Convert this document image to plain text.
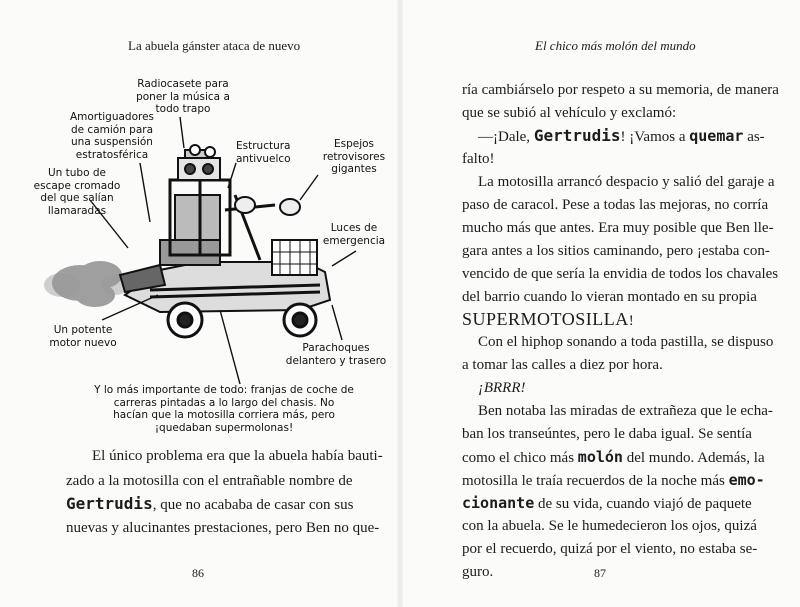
La abuela gánster ataca de nuevo	El chico más molón del mundo
86	87
Radiocasete para
poner la música a
todo trapo
Amortiguadores
de camión para
una suspensión
estratosférica
Estructura
antivuelco
Espejos
retrovisores
gigantes
Un tubo de
escape cromado
del que salían
llamaradas
Luces de
emergencia
Un potente
motor nuevo	Parachoques
delantero y trasero
Y lo más importante de todo: franjas de coche de
carreras pintadas a lo largo del chasis. No
hacían que la motosilla corriera más, pero
¡quedaban supermolonas!
El único problema era que la abuela había bauti-
zado a la motosilla con el entrañable nombre de
Gertrudis, que no acababa de casar con sus
nuevas y alucinantes prestaciones, pero Ben no que-
ría cambiárselo por respeto a su memoria, de manera
que se subió al vehículo y exclamó:
—¡Dale, Gertrudis! ¡Vamos a quemar as-
falto!
La motosilla arrancó despacio y salió del garaje a
paso de caracol. Pese a todas las mejoras, no corría
mucho más que antes. Era muy posible que Ben lle-
gara antes a los sitios caminando, pero ¡estaba con-
vencido de que sería la envidia de todos los chavales
del barrio cuando lo vieran montado en su propia
SUPERMOTOSILLA!
Con el hiphop sonando a toda pastilla, se dispuso
a tomar las calles a diez por hora.
¡BRRR!
Ben notaba las miradas de extrañeza que le echa-
ban los transeúntes, pero le daba igual. Se sentía
como el chico más molón del mundo. Además, la
motosilla le traía recuerdos de la noche más emo-
cionante de su vida, cuando viajó de paquete
con la abuela. Se le humedecieron los ojos, quizá
por el recuerdo, quizá por el viento, no estaba se-
guro.
